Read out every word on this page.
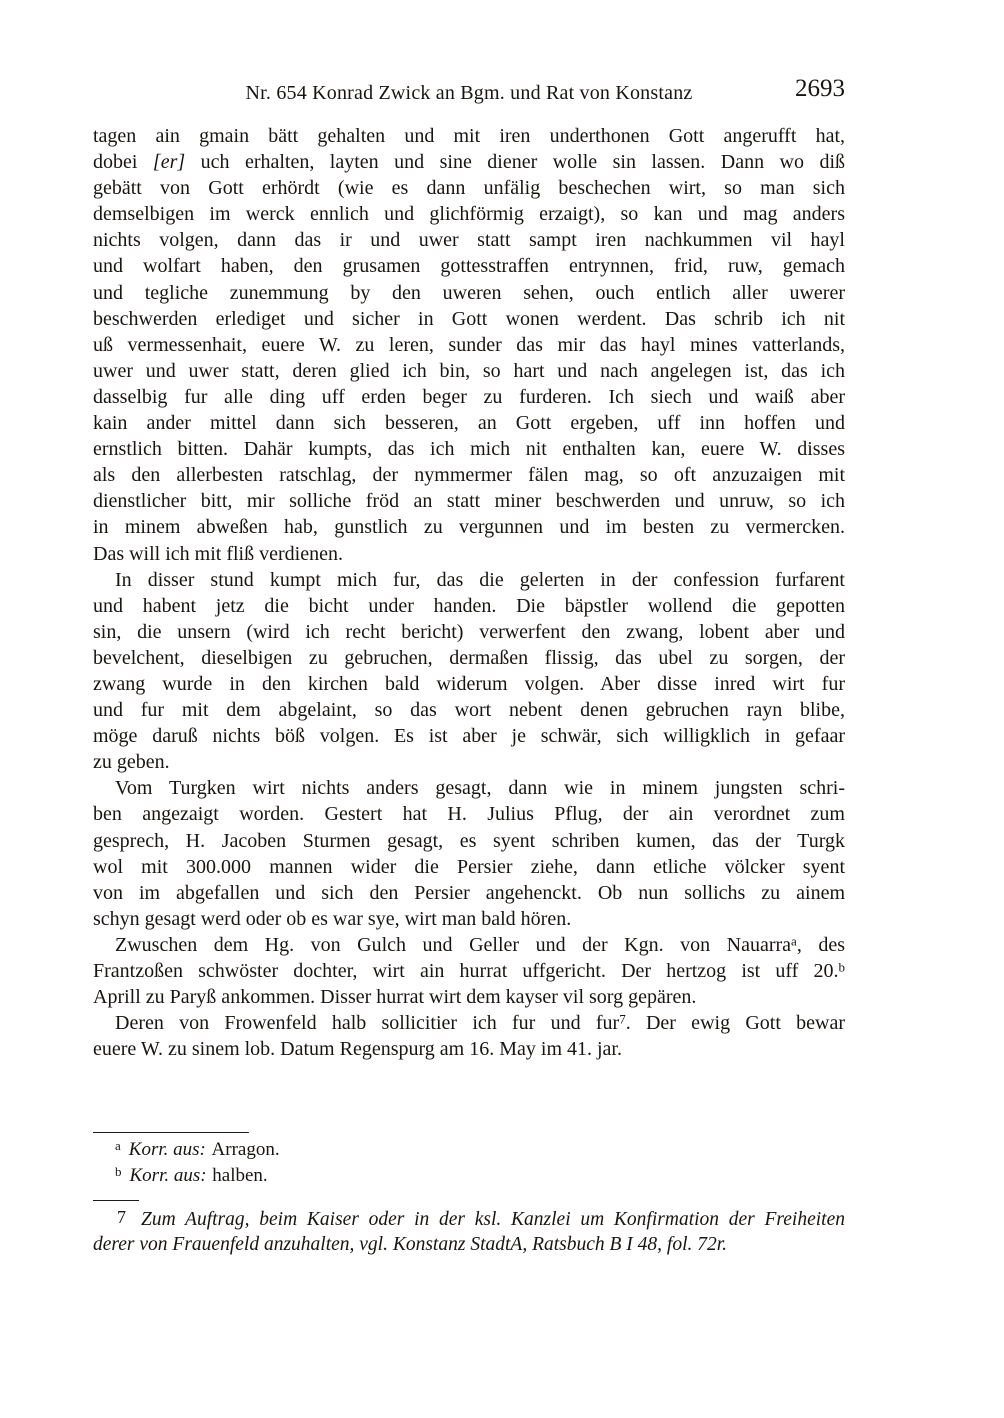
Nr. 654 Konrad Zwick an Bgm. und Rat von Konstanz	2693
tagen ain gmain bätt gehalten und mit iren underthonen Gott angerufft hat,
dobei [er] uch erhalten, layten und sine diener wolle sin lassen. Dann wo diß
gebätt von Gott erhördt (wie es dann unfälig beschechen wirt, so man sich
demselbigen im werck ennlich und glichförmig erzaigt), so kan und mag anders
nichts volgen, dann das ir und uwer statt sampt iren nachkummen vil hayl
und wolfart haben, den grusamen gottesstraffen entrynnen, frid, ruw, gemach
und tegliche zunemmung by den uweren sehen, ouch entlich aller uwerer
beschwerden erlediget und sicher in Gott wonen werdent. Das schrib ich nit
uß vermessenhait, euere W. zu leren, sunder das mir das hayl mines vatterlands,
uwer und uwer statt, deren glied ich bin, so hart und nach angelegen ist, das ich
dasselbig fur alle ding uff erden beger zu furderen. Ich siech und waiß aber
kain ander mittel dann sich besseren, an Gott ergeben, uff inn hoffen und
ernstlich bitten. Dahär kumpts, das ich mich nit enthalten kan, euere W. disses
als den allerbesten ratschlag, der nymmermer fälen mag, so oft anzuzaigen mit
dienstlicher bitt, mir solliche fröd an statt miner beschwerden und unruw, so ich
in minem abweßen hab, gunstlich zu vergunnen und im besten zu vermercken.
Das will ich mit fliß verdienen.
In disser stund kumpt mich fur, das die gelerten in der confession furfarent
und habent jetz die bicht under handen. Die bäpstler wollend die gepotten
sin, die unsern (wird ich recht bericht) verwerfent den zwang, lobent aber und
bevelchent, dieselbigen zu gebruchen, dermaßen flissig, das ubel zu sorgen, der
zwang wurde in den kirchen bald widerum volgen. Aber disse inred wirt fur
und fur mit dem abgelaint, so das wort nebent denen gebruchen rayn blibe,
möge daruß nichts böß volgen. Es ist aber je schwär, sich willigklich in gefaar
zu geben.
Vom Turgken wirt nichts anders gesagt, dann wie in minem jungsten schri-
ben angezaigt worden. Gestert hat H. Julius Pflug, der ain verordnet zum
gesprech, H. Jacoben Sturmen gesagt, es syent schriben kumen, das der Turgk
wol mit 300.000 mannen wider die Persier ziehe, dann etliche völcker syent
von im abgefallen und sich den Persier angehenckt. Ob nun sollichs zu ainem
schyn gesagt werd oder ob es war sye, wirt man bald hören.
Zwuschen dem Hg. von Gulch und Geller und der Kgn. von Nauarra$^a$, des
Frantzoßen schwöster dochter, wirt ain hurrat uffgericht. Der hertzog ist uff 20.$^b$
Aprill zu Paryß ankommen. Disser hurrat wirt dem kayser vil sorg gepären.
Deren von Frowenfeld halb sollicitier ich fur und fur$^7$. Der ewig Gott bewar
euere W. zu sinem lob. Datum Regenspurg am 16. May im 41. jar.
$^a$ Korr. aus: Arragon.
$^b$ Korr. aus: halben.
7 Zum Auftrag, beim Kaiser oder in der ksl. Kanzlei um Konfirmation der Freiheiten
derer von Frauenfeld anzuhalten, vgl. Konstanz StadtA, Ratsbuch B I 48, fol. 72r.
